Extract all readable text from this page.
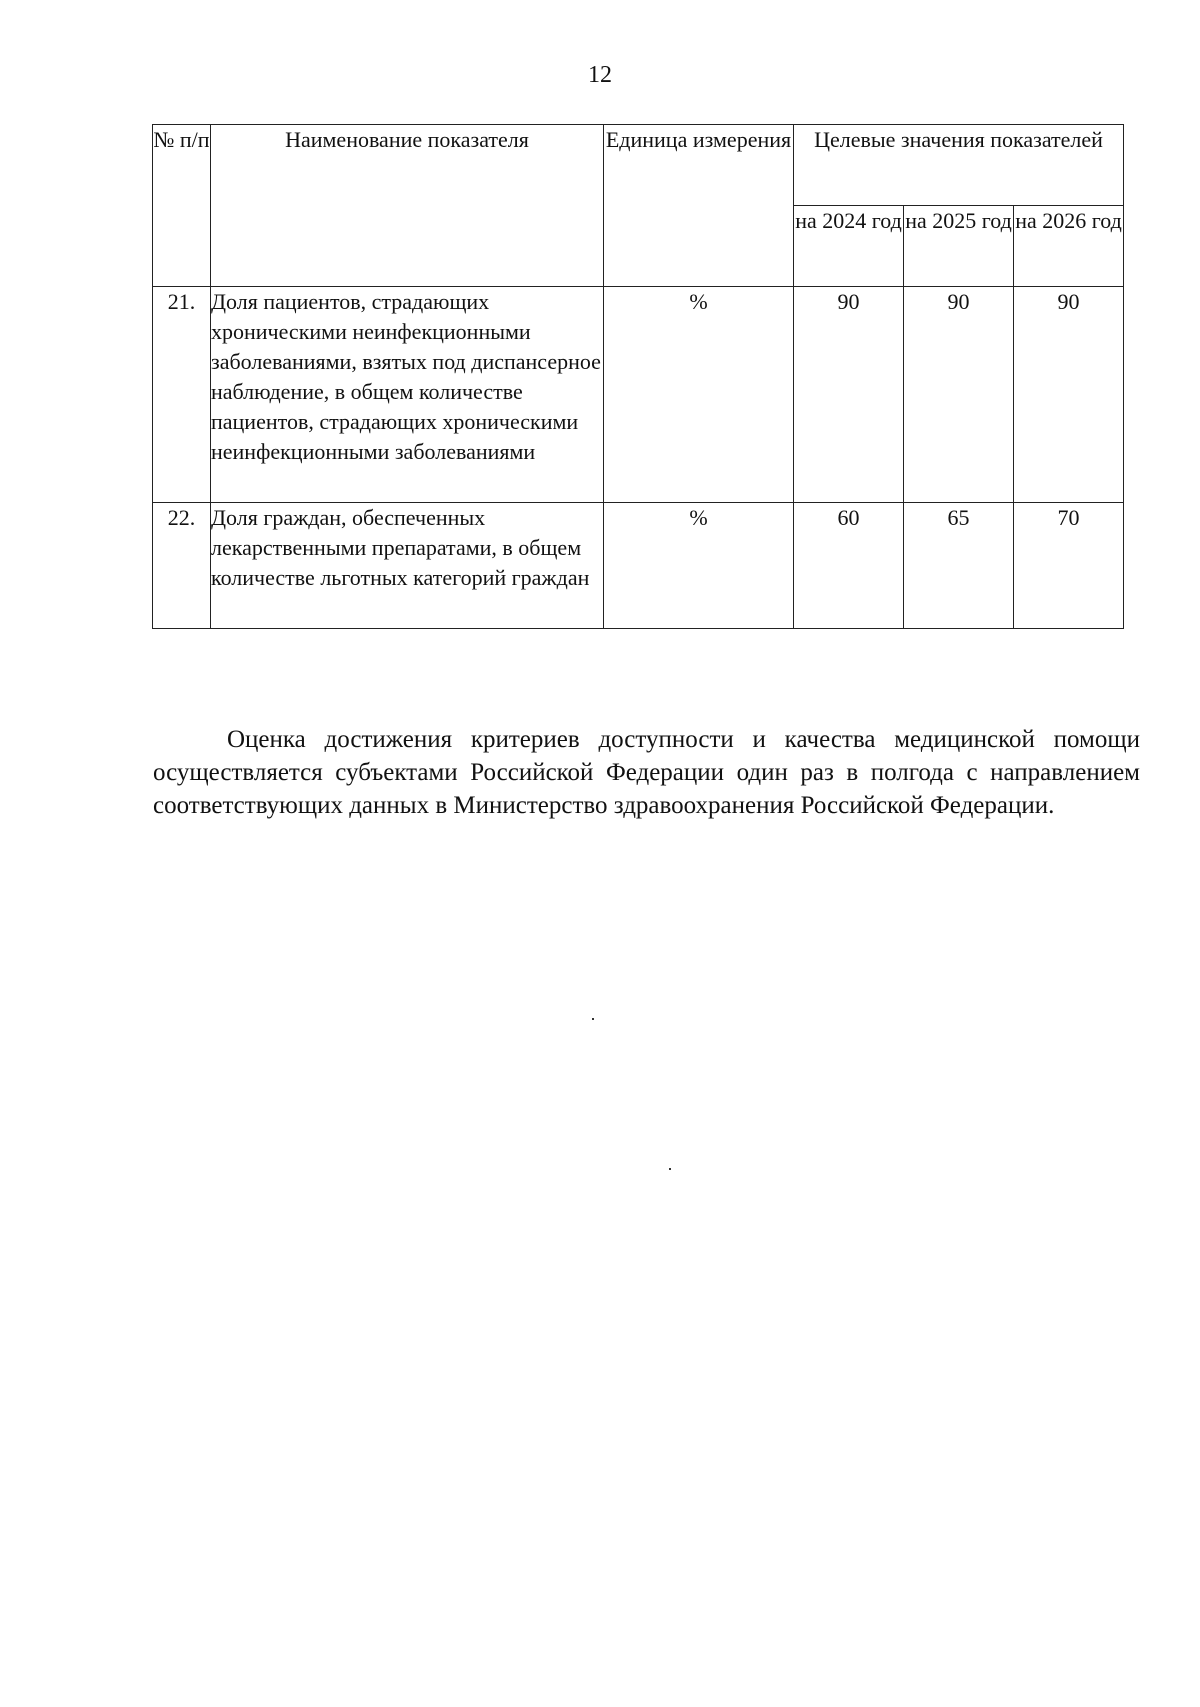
12
№ п/п	Наименование показателя	Единица измерения	Целевые значения показателей		
			на 2024 год	на 2025 год	на 2026 год
21.	Доля пациентов, страдающих хроническими неинфекционными заболеваниями, взятых под диспансерное наблюдение, в общем количестве пациентов, страдающих хроническими неинфекционными заболеваниями	%	90	90	90
22.	Доля граждан, обеспеченных лекарственными препаратами, в общем количестве льготных категорий граждан	%	60	65	70

Оценка достижения критериев доступности и качества медицинской помощи осуществляется субъектами Российской Федерации один раз в полгода с направлением соответствующих данных в Министерство здравоохранения Российской Федерации.
